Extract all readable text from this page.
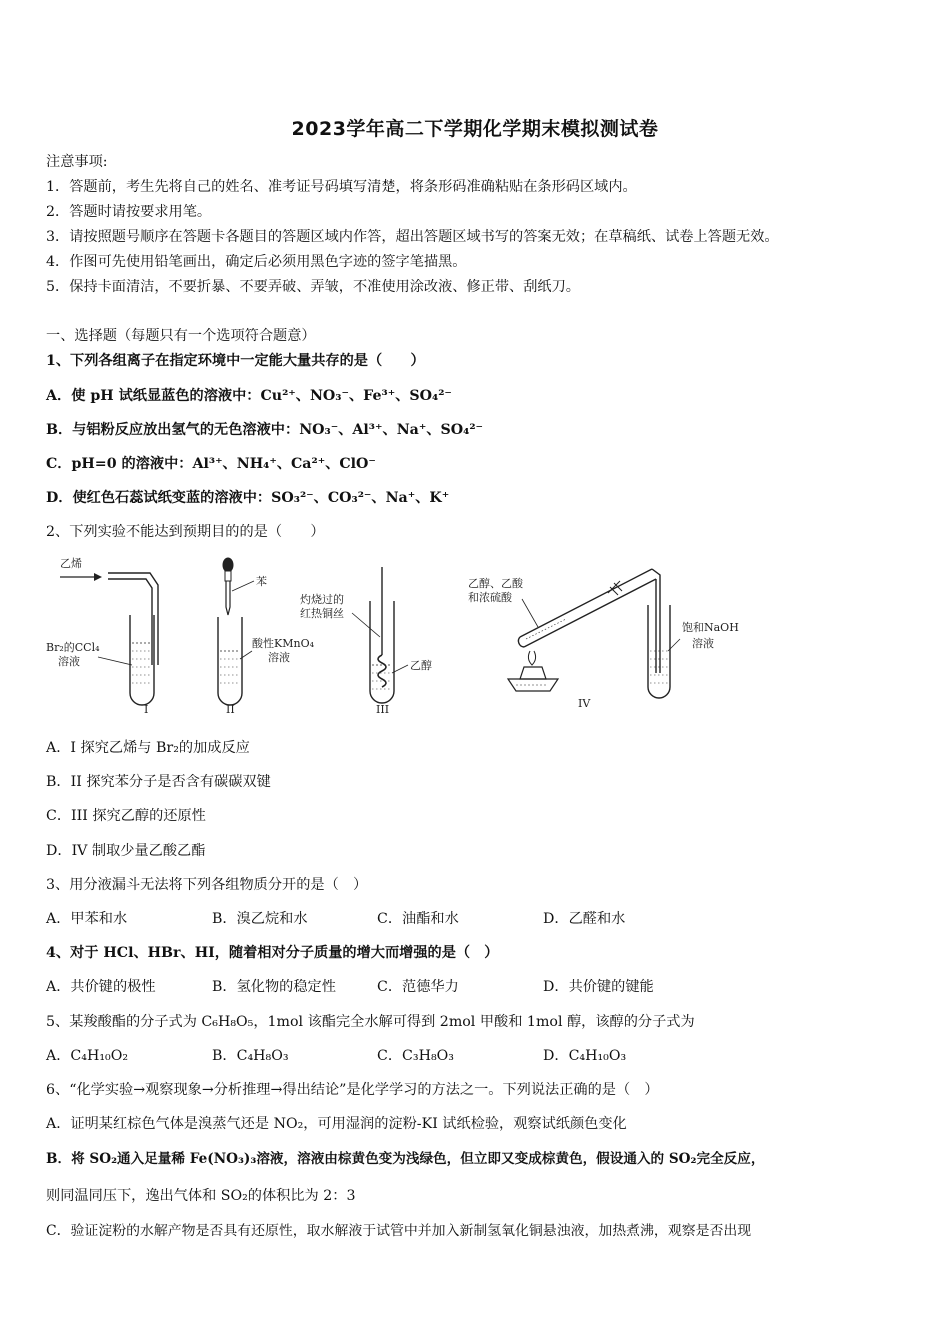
2023学年高二下学期化学期末模拟测试卷
注意事项:
1．答题前，考生先将自己的姓名、准考证号码填写清楚，将条形码准确粘贴在条形码区域内。
2．答题时请按要求用笔。
3．请按照题号顺序在答题卡各题目的答题区域内作答，超出答题区域书写的答案无效；在草稿纸、试卷上答题无效。
4．作图可先使用铅笔画出，确定后必须用黑色字迹的签字笔描黑。
5．保持卡面清洁，不要折暴、不要弄破、弄皱，不准使用涂改液、修正带、刮纸刀。
一、选择题（每题只有一个选项符合题意）
1、下列各组离子在指定环境中一定能大量共存的是（　　）
A．使 pH 试纸显蓝色的溶液中：Cu²⁺、NO₃⁻、Fe³⁺、SO₄²⁻
B．与铝粉反应放出氢气的无色溶液中：NO₃⁻、Al³⁺、Na⁺、SO₄²⁻
C．pH=0 的溶液中：Al³⁺、NH₄⁺、Ca²⁺、ClO⁻
D．使红色石蕊试纸变蓝的溶液中：SO₃²⁻、CO₃²⁻、Na⁺、K⁺
2、下列实验不能达到预期目的的是（　　）
乙烯
Br₂的CCl₄
溶液
I
苯
酸性KMnO₄
溶液
II
灼烧过的
红热铜丝
乙醇
III
乙醇、乙酸
和浓硫酸
饱和NaOH
溶液
IV
A．I 探究乙烯与 Br₂的加成反应
B．II 探究苯分子是否含有碳碳双键
C．III 探究乙醇的还原性
D．IV 制取少量乙酸乙酯
3、用分液漏斗无法将下列各组物质分开的是（　）
A．甲苯和水	B．溴乙烷和水	C．油酯和水	D．乙醛和水
4、对于 HCl、HBr、HI，随着相对分子质量的增大而增强的是（　）
A．共价键的极性	B．氢化物的稳定性	C．范德华力	D．共价键的键能
5、某羧酸酯的分子式为 C₆H₈O₅，1mol 该酯完全水解可得到 2mol 甲酸和 1mol 醇，该醇的分子式为
A．C₄H₁₀O₂	B．C₄H₈O₃	C．C₃H₈O₃	D．C₄H₁₀O₃
6、“化学实验→观察现象→分析推理→得出结论”是化学学习的方法之一。下列说法正确的是（　）
A．证明某红棕色气体是溴蒸气还是 NO₂，可用湿润的淀粉-KI 试纸检验，观察试纸颜色变化
B．将 SO₂通入足量稀 Fe(NO₃)₃溶液，溶液由棕黄色变为浅绿色，但立即又变成棕黄色，假设通入的 SO₂完全反应，
则同温同压下，逸出气体和 SO₂的体积比为 2：3
C．验证淀粉的水解产物是否具有还原性，取水解液于试管中并加入新制氢氧化铜悬浊液，加热煮沸，观察是否出现
